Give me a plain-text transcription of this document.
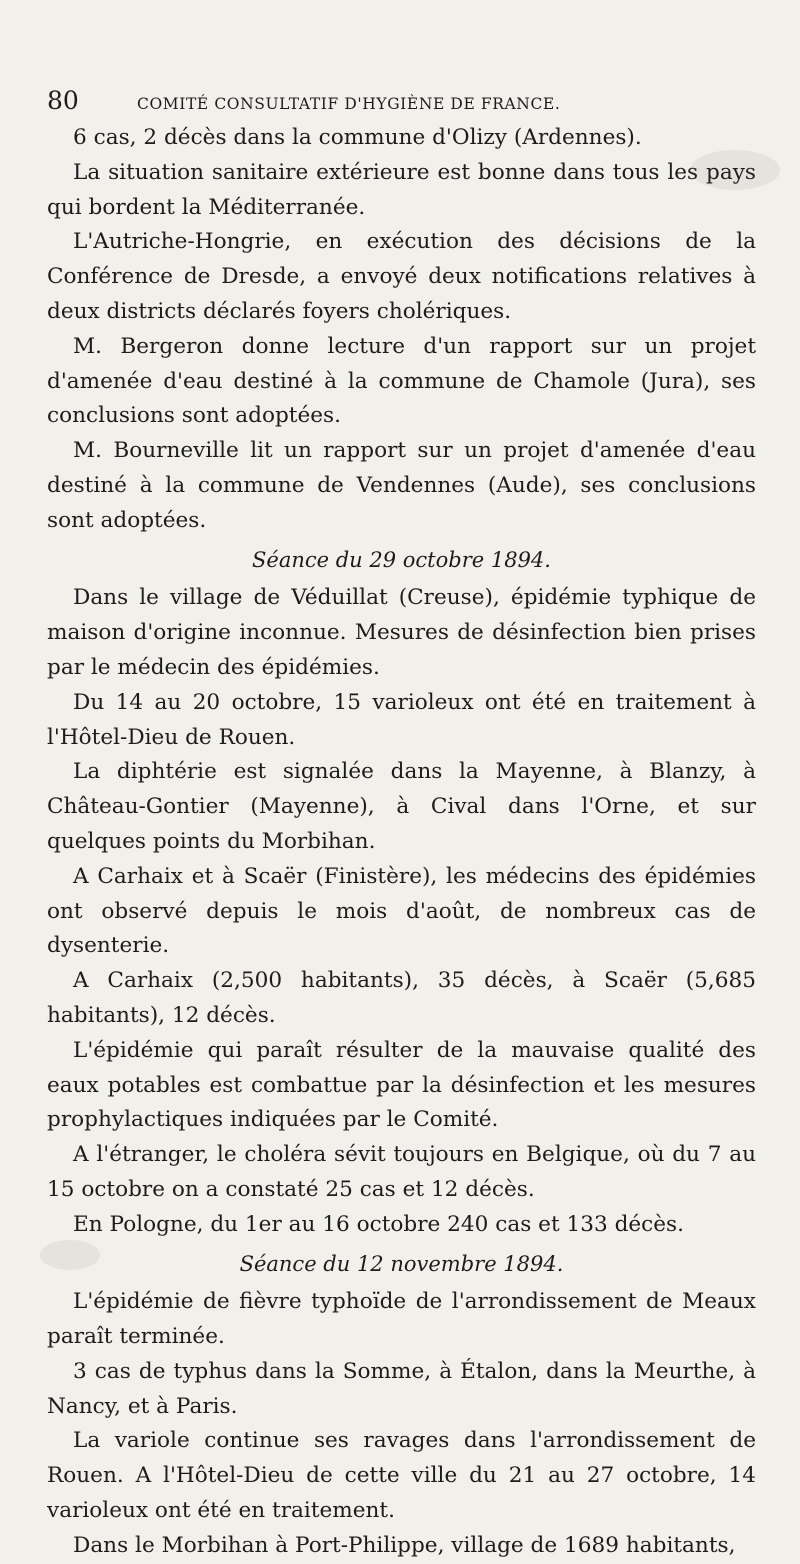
80	COMITÉ CONSULTATIF D'HYGIÈNE DE FRANCE.

6 cas, 2 décès dans la commune d'Olizy (Ardennes).

La situation sanitaire extérieure est bonne dans tous les pays qui bordent la Méditerranée.

L'Autriche-Hongrie, en exécution des décisions de la Conférence de Dresde, a envoyé deux notifications relatives à deux districts déclarés foyers cholériques.

M. Bergeron donne lecture d'un rapport sur un projet d'amenée d'eau destiné à la commune de Chamole (Jura), ses conclusions sont adoptées.

M. Bourneville lit un rapport sur un projet d'amenée d'eau destiné à la commune de Vendennes (Aude), ses conclusions sont adoptées.

Séance du 29 octobre 1894.

Dans le village de Véduillat (Creuse), épidémie typhique de maison d'origine inconnue. Mesures de désinfection bien prises par le médecin des épidémies.

Du 14 au 20 octobre, 15 varioleux ont été en traitement à l'Hôtel-Dieu de Rouen.

La diphtérie est signalée dans la Mayenne, à Blanzy, à Château-Gontier (Mayenne), à Cival dans l'Orne, et sur quelques points du Morbihan.

A Carhaix et à Scaër (Finistère), les médecins des épidémies ont observé depuis le mois d'août, de nombreux cas de dysenterie.

A Carhaix (2,500 habitants), 35 décès, à Scaër (5,685 habitants), 12 décès.

L'épidémie qui paraît résulter de la mauvaise qualité des eaux potables est combattue par la désinfection et les mesures prophylactiques indiquées par le Comité.

A l'étranger, le choléra sévit toujours en Belgique, où du 7 au 15 octobre on a constaté 25 cas et 12 décès.

En Pologne, du 1er au 16 octobre 240 cas et 133 décès.

Séance du 12 novembre 1894.

L'épidémie de fièvre typhoïde de l'arrondissement de Meaux paraît terminée.

3 cas de typhus dans la Somme, à Étalon, dans la Meurthe, à Nancy, et à Paris.

La variole continue ses ravages dans l'arrondissement de Rouen. A l'Hôtel-Dieu de cette ville du 21 au 27 octobre, 14 varioleux ont été en traitement.

Dans le Morbihan à Port-Philippe, village de 1689 habitants,
